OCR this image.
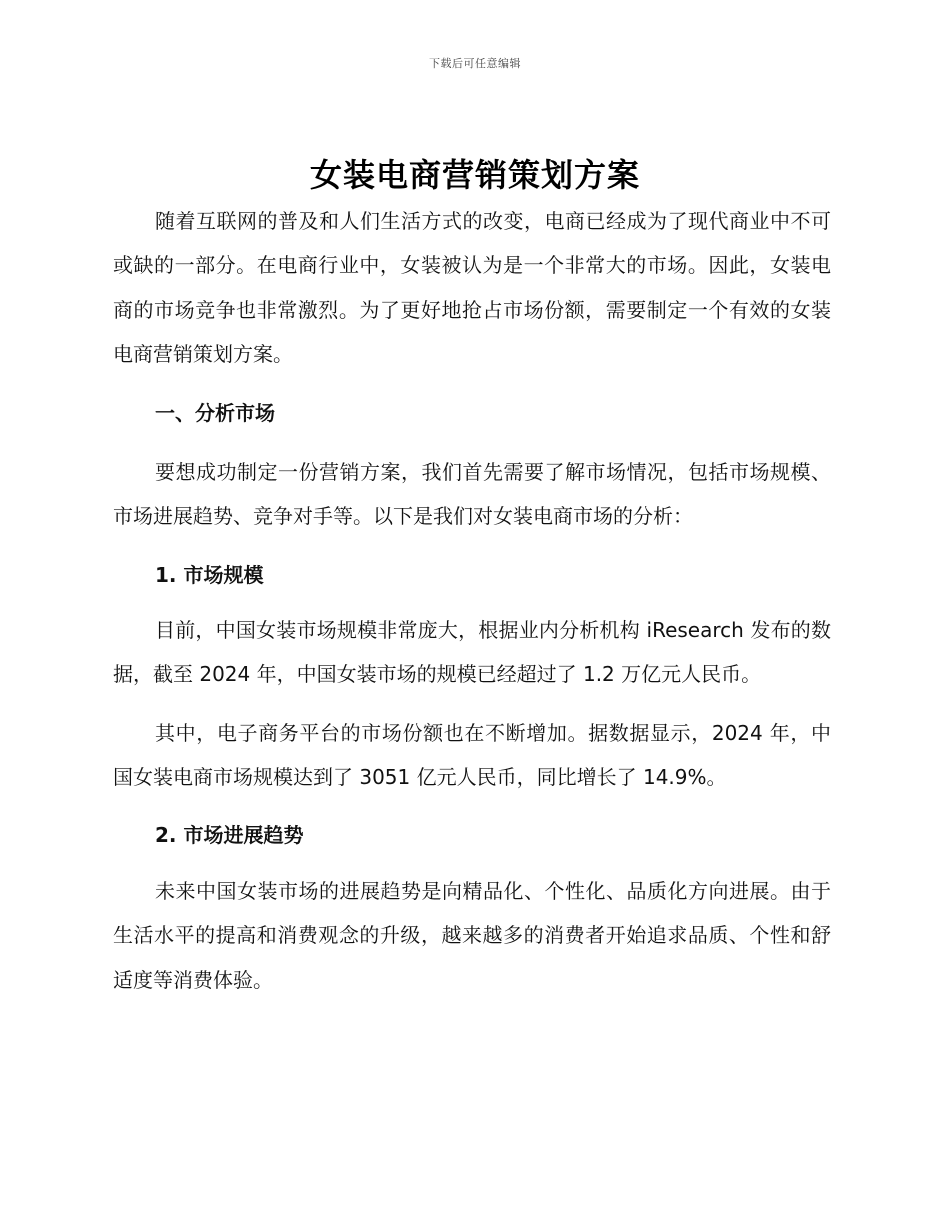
下载后可任意编辑
女装电商营销策划方案

随着互联网的普及和人们生活方式的改变，电商已经成为了现代商业中不可或缺的一部分。在电商行业中，女装被认为是一个非常大的市场。因此，女装电商的市场竞争也非常激烈。为了更好地抢占市场份额，需要制定一个有效的女装电商营销策划方案。

一、分析市场

要想成功制定一份营销方案，我们首先需要了解市场情况，包括市场规模、市场进展趋势、竞争对手等。以下是我们对女装电商市场的分析：

1. 市场规模

目前，中国女装市场规模非常庞大，根据业内分析机构 iResearch 发布的数据，截至 2024 年，中国女装市场的规模已经超过了 1.2 万亿元人民币。

其中，电子商务平台的市场份额也在不断增加。据数据显示，2024 年，中国女装电商市场规模达到了 3051 亿元人民币，同比增长了 14.9%。

2. 市场进展趋势

未来中国女装市场的进展趋势是向精品化、个性化、品质化方向进展。由于生活水平的提高和消费观念的升级，越来越多的消费者开始追求品质、个性和舒适度等消费体验。
